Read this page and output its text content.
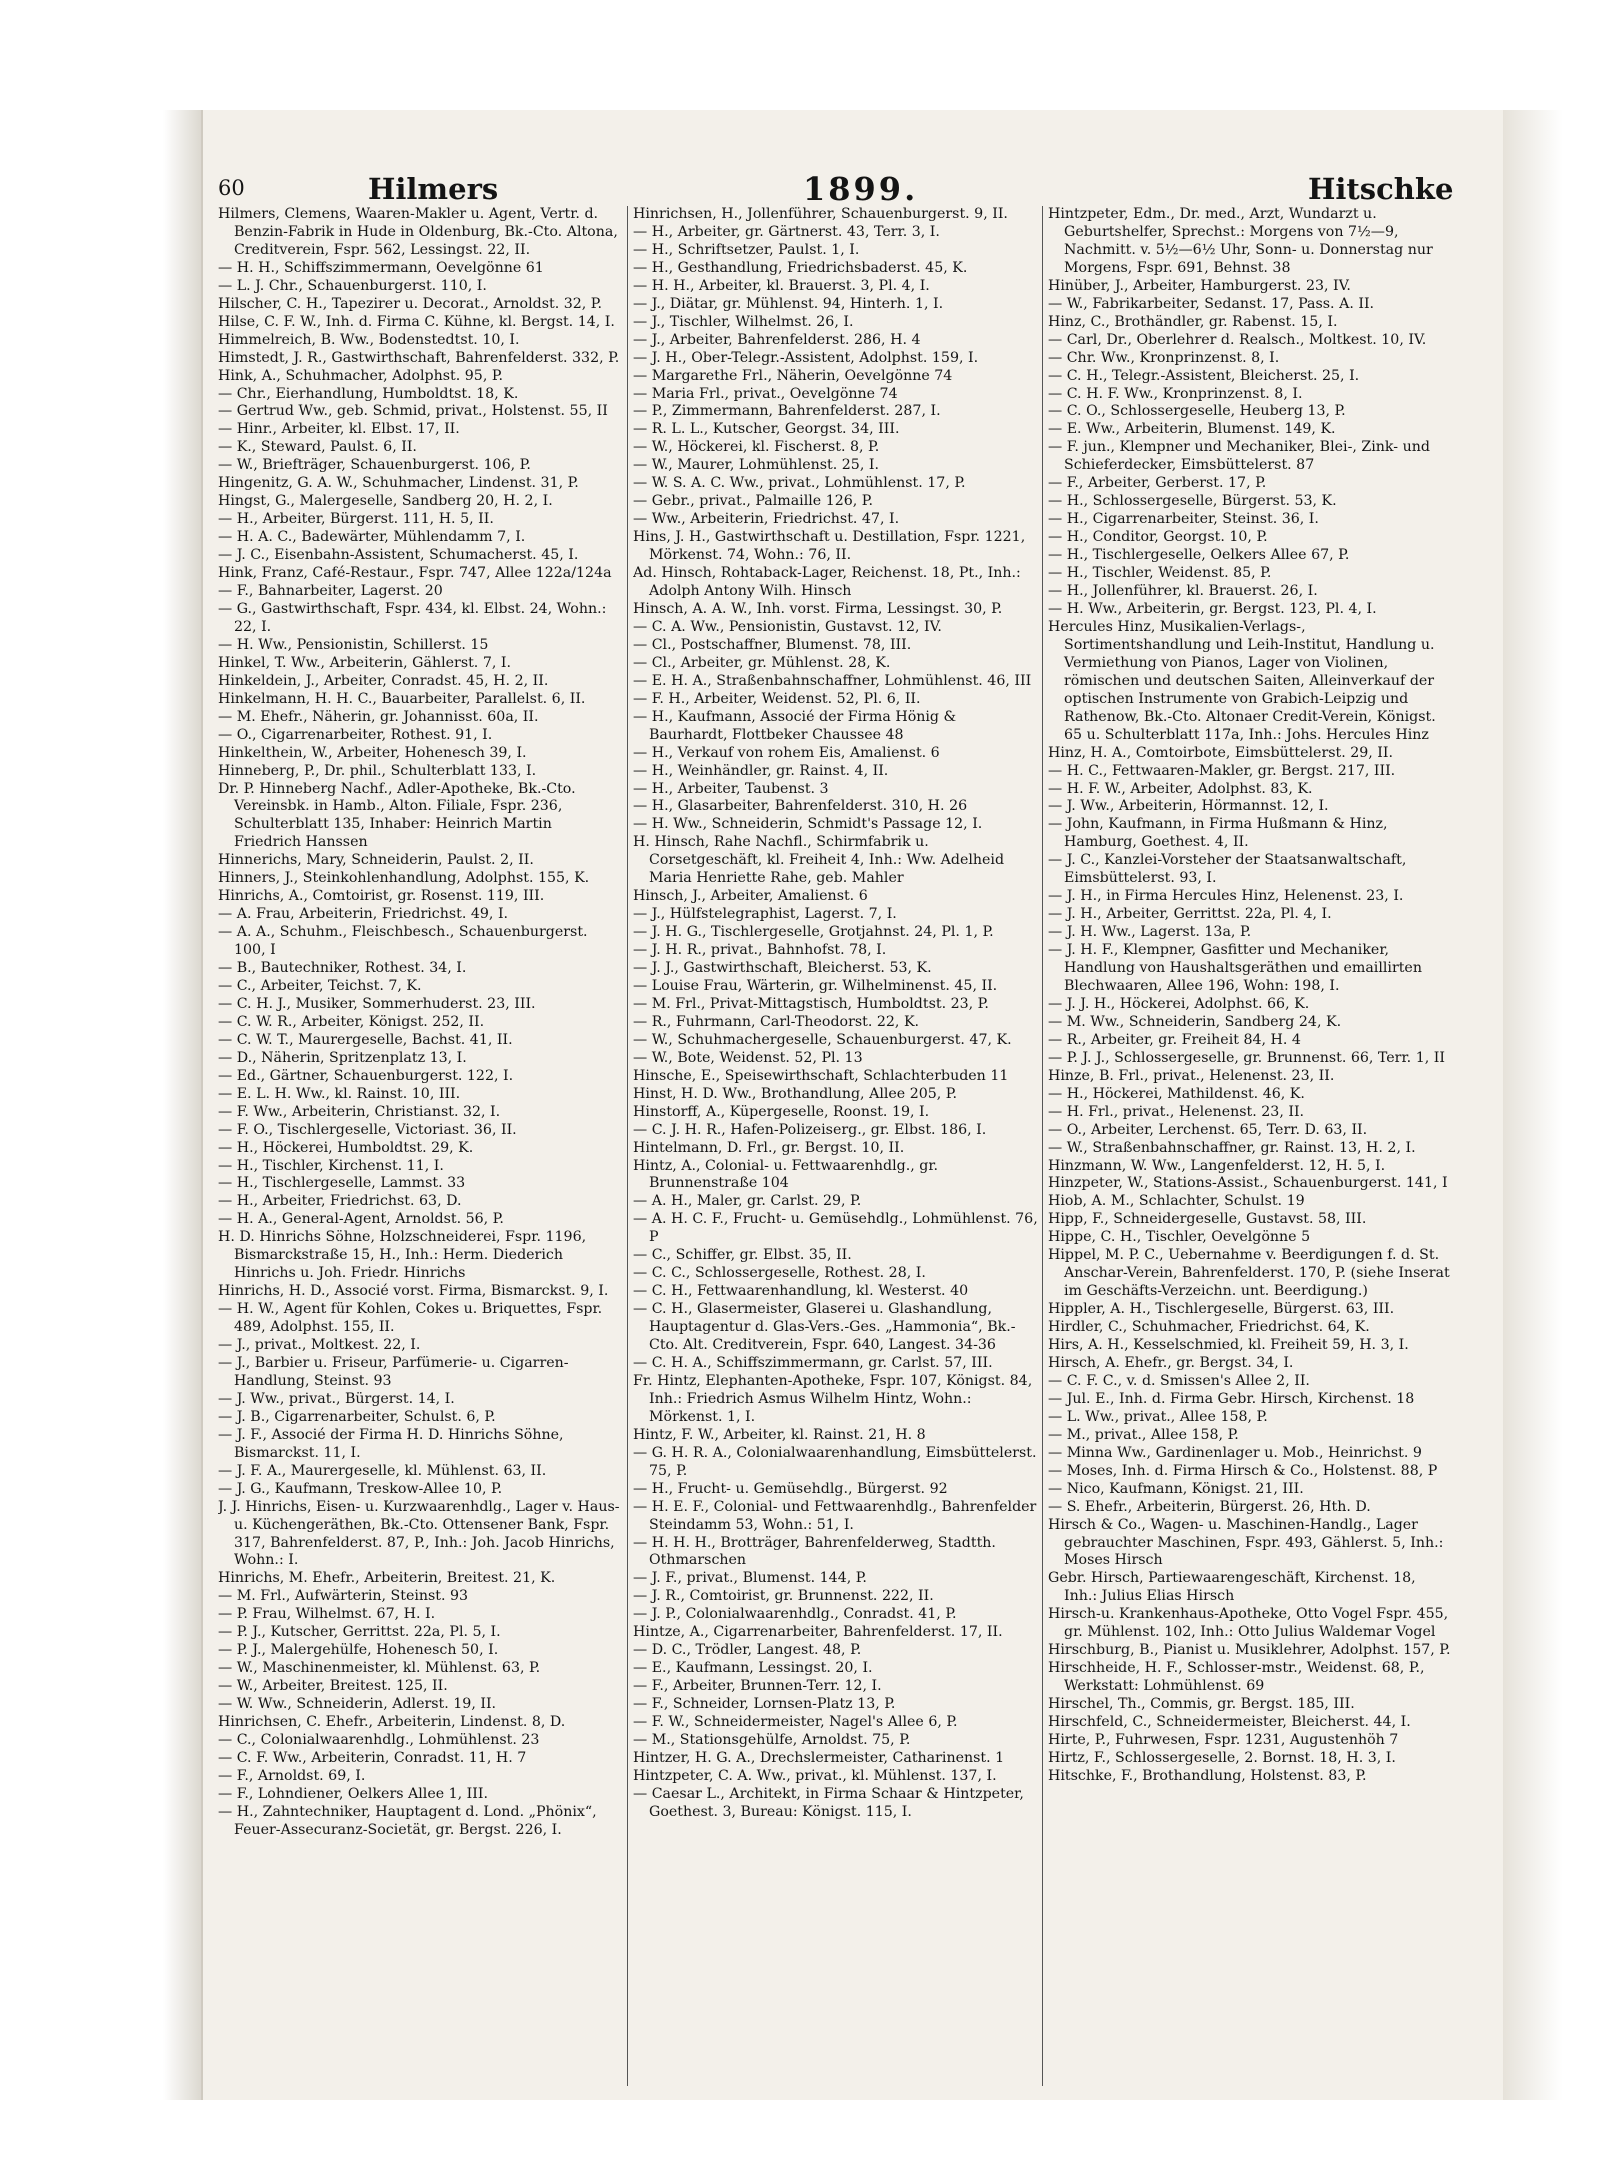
60	Hilmers	1899.	Hitschke

Hilmers, Clemens, Waaren-Makler u. Agent, Vertr. d. Benzin-Fabrik in Hude in Oldenburg, Bk.-Cto. Altona, Creditverein, Fspr. 562, Lessingst. 22, II.

— H. H., Schiffszimmermann, Oevelgönne 61

— L. J. Chr., Schauenburgerst. 110, I.

Hilscher, C. H., Tapezirer u. Decorat., Arnoldst. 32, P.

Hilse, C. F. W., Inh. d. Firma C. Kühne, kl. Bergst. 14, I.

Himmelreich, B. Ww., Bodenstedtst. 10, I.

Himstedt, J. R., Gastwirthschaft, Bahrenfelderst. 332, P.

Hink, A., Schuhmacher, Adolphst. 95, P.

— Chr., Eierhandlung, Humboldtst. 18, K.

— Gertrud Ww., geb. Schmid, privat., Holstenst. 55, II

— Hinr., Arbeiter, kl. Elbst. 17, II.

— K., Steward, Paulst. 6, II.

— W., Briefträger, Schauenburgerst. 106, P.

Hingenitz, G. A. W., Schuhmacher, Lindenst. 31, P.

Hingst, G., Malergeselle, Sandberg 20, H. 2, I.

— H., Arbeiter, Bürgerst. 111, H. 5, II.

— H. A. C., Badewärter, Mühlendamm 7, I.

— J. C., Eisenbahn-Assistent, Schumacherst. 45, I.

Hink, Franz, Café-Restaur., Fspr. 747, Allee 122a/124a

— F., Bahnarbeiter, Lagerst. 20

— G., Gastwirthschaft, Fspr. 434, kl. Elbst. 24, Wohn.: 22, I.

— H. Ww., Pensionistin, Schillerst. 15

Hinkel, T. Ww., Arbeiterin, Gählerst. 7, I.

Hinkeldein, J., Arbeiter, Conradst. 45, H. 2, II.

Hinkelmann, H. H. C., Bauarbeiter, Parallelst. 6, II.

— M. Ehefr., Näherin, gr. Johannisst. 60a, II.

— O., Cigarrenarbeiter, Rothest. 91, I.

Hinkelthein, W., Arbeiter, Hohenesch 39, I.

Hinneberg, P., Dr. phil., Schulterblatt 133, I.

Dr. P. Hinneberg Nachf., Adler-Apotheke, Bk.-Cto. Vereinsbk. in Hamb., Alton. Filiale, Fspr. 236, Schulterblatt 135, Inhaber: Heinrich Martin Friedrich Hanssen

Hinnerichs, Mary, Schneiderin, Paulst. 2, II.

Hinners, J., Steinkohlenhandlung, Adolphst. 155, K.

Hinrichs, A., Comtoirist, gr. Rosenst. 119, III.

— A. Frau, Arbeiterin, Friedrichst. 49, I.

— A. A., Schuhm., Fleischbesch., Schauenburgerst. 100, I

— B., Bautechniker, Rothest. 34, I.

— C., Arbeiter, Teichst. 7, K.

— C. H. J., Musiker, Sommerhuderst. 23, III.

— C. W. R., Arbeiter, Königst. 252, II.

— C. W. T., Maurergeselle, Bachst. 41, II.

— D., Näherin, Spritzenplatz 13, I.

— Ed., Gärtner, Schauenburgerst. 122, I.

— E. L. H. Ww., kl. Rainst. 10, III.

— F. Ww., Arbeiterin, Christianst. 32, I.

— F. O., Tischlergeselle, Victoriast. 36, II.

— H., Höckerei, Humboldtst. 29, K.

— H., Tischler, Kirchenst. 11, I.

— H., Tischlergeselle, Lammst. 33

— H., Arbeiter, Friedrichst. 63, D.

— H. A., General-Agent, Arnoldst. 56, P.

H. D. Hinrichs Söhne, Holzschneiderei, Fspr. 1196, Bismarckstraße 15, H., Inh.: Herm. Diederich Hinrichs u. Joh. Friedr. Hinrichs

Hinrichs, H. D., Associé vorst. Firma, Bismarckst. 9, I.

— H. W., Agent für Kohlen, Cokes u. Briquettes, Fspr. 489, Adolphst. 155, II.

— J., privat., Moltkest. 22, I.

— J., Barbier u. Friseur, Parfümerie- u. Cigarren-Handlung, Steinst. 93

— J. Ww., privat., Bürgerst. 14, I.

— J. B., Cigarrenarbeiter, Schulst. 6, P.

— J. F., Associé der Firma H. D. Hinrichs Söhne, Bismarckst. 11, I.

— J. F. A., Maurergeselle, kl. Mühlenst. 63, II.

— J. G., Kaufmann, Treskow-Allee 10, P.

J. J. Hinrichs, Eisen- u. Kurzwaarenhdlg., Lager v. Haus- u. Küchengeräthen, Bk.-Cto. Ottensener Bank, Fspr. 317, Bahrenfelderst. 87, P., Inh.: Joh. Jacob Hinrichs, Wohn.: I.

Hinrichs, M. Ehefr., Arbeiterin, Breitest. 21, K.

— M. Frl., Aufwärterin, Steinst. 93

— P. Frau, Wilhelmst. 67, H. I.

— P. J., Kutscher, Gerrittst. 22a, Pl. 5, I.

— P. J., Malergehülfe, Hohenesch 50, I.

— W., Maschinenmeister, kl. Mühlenst. 63, P.

— W., Arbeiter, Breitest. 125, II.

— W. Ww., Schneiderin, Adlerst. 19, II.

Hinrichsen, C. Ehefr., Arbeiterin, Lindenst. 8, D.

— C., Colonialwaarenhdlg., Lohmühlenst. 23

— C. F. Ww., Arbeiterin, Conradst. 11, H. 7

— F., Arnoldst. 69, I.

— F., Lohndiener, Oelkers Allee 1, III.

— H., Zahntechniker, Hauptagent d. Lond. „Phönix“, Feuer-Assecuranz-Societät, gr. Bergst. 226, I.

Hinrichsen, H., Jollenführer, Schauenburgerst. 9, II.

— H., Arbeiter, gr. Gärtnerst. 43, Terr. 3, I.

— H., Schriftsetzer, Paulst. 1, I.

— H., Gesthandlung, Friedrichsbaderst. 45, K.

— H. H., Arbeiter, kl. Brauerst. 3, Pl. 4, I.

— J., Diätar, gr. Mühlenst. 94, Hinterh. 1, I.

— J., Tischler, Wilhelmst. 26, I.

— J., Arbeiter, Bahrenfelderst. 286, H. 4

— J. H., Ober-Telegr.-Assistent, Adolphst. 159, I.

— Margarethe Frl., Näherin, Oevelgönne 74

— Maria Frl., privat., Oevelgönne 74

— P., Zimmermann, Bahrenfelderst. 287, I.

— R. L. L., Kutscher, Georgst. 34, III.

— W., Höckerei, kl. Fischerst. 8, P.

— W., Maurer, Lohmühlenst. 25, I.

— W. S. A. C. Ww., privat., Lohmühlenst. 17, P.

— Gebr., privat., Palmaille 126, P.

— Ww., Arbeiterin, Friedrichst. 47, I.

Hins, J. H., Gastwirthschaft u. Destillation, Fspr. 1221, Mörkenst. 74, Wohn.: 76, II.

Ad. Hinsch, Rohtaback-Lager, Reichenst. 18, Pt., Inh.: Adolph Antony Wilh. Hinsch

Hinsch, A. A. W., Inh. vorst. Firma, Lessingst. 30, P.

— C. A. Ww., Pensionistin, Gustavst. 12, IV.

— Cl., Postschaffner, Blumenst. 78, III.

— Cl., Arbeiter, gr. Mühlenst. 28, K.

— E. H. A., Straßenbahnschaffner, Lohmühlenst. 46, III

— F. H., Arbeiter, Weidenst. 52, Pl. 6, II.

— H., Kaufmann, Associé der Firma Hönig & Baurhardt, Flottbeker Chaussee 48

— H., Verkauf von rohem Eis, Amalienst. 6

— H., Weinhändler, gr. Rainst. 4, II.

— H., Arbeiter, Taubenst. 3

— H., Glasarbeiter, Bahrenfelderst. 310, H. 26

— H. Ww., Schneiderin, Schmidt's Passage 12, I.

H. Hinsch, Rahe Nachfl., Schirmfabrik u. Corsetgeschäft, kl. Freiheit 4, Inh.: Ww. Adelheid Maria Henriette Rahe, geb. Mahler

Hinsch, J., Arbeiter, Amalienst. 6

— J., Hülfstelegraphist, Lagerst. 7, I.

— J. H. G., Tischlergeselle, Grotjahnst. 24, Pl. 1, P.

— J. H. R., privat., Bahnhofst. 78, I.

— J. J., Gastwirthschaft, Bleicherst. 53, K.

— Louise Frau, Wärterin, gr. Wilhelminenst. 45, II.

— M. Frl., Privat-Mittagstisch, Humboldtst. 23, P.

— R., Fuhrmann, Carl-Theodorst. 22, K.

— W., Schuhmachergeselle, Schauenburgerst. 47, K.

— W., Bote, Weidenst. 52, Pl. 13

Hinsche, E., Speisewirthschaft, Schlachterbuden 11

Hinst, H. D. Ww., Brothandlung, Allee 205, P.

Hinstorff, A., Küpergeselle, Roonst. 19, I.

— C. J. H. R., Hafen-Polizeiserg., gr. Elbst. 186, I.

Hintelmann, D. Frl., gr. Bergst. 10, II.

Hintz, A., Colonial- u. Fettwaarenhdlg., gr. Brunnenstraße 104

— A. H., Maler, gr. Carlst. 29, P.

— A. H. C. F., Frucht- u. Gemüsehdlg., Lohmühlenst. 76, P

— C., Schiffer, gr. Elbst. 35, II.

— C. C., Schlossergeselle, Rothest. 28, I.

— C. H., Fettwaarenhandlung, kl. Westerst. 40

— C. H., Glasermeister, Glaserei u. Glashandlung, Hauptagentur d. Glas-Vers.-Ges. „Hammonia“, Bk.-Cto. Alt. Creditverein, Fspr. 640, Langest. 34-36

— C. H. A., Schiffszimmermann, gr. Carlst. 57, III.

Fr. Hintz, Elephanten-Apotheke, Fspr. 107, Königst. 84, Inh.: Friedrich Asmus Wilhelm Hintz, Wohn.: Mörkenst. 1, I.

Hintz, F. W., Arbeiter, kl. Rainst. 21, H. 8

— G. H. R. A., Colonialwaarenhandlung, Eimsbüttelerst. 75, P.

— H., Frucht- u. Gemüsehdlg., Bürgerst. 92

— H. E. F., Colonial- und Fettwaarenhdlg., Bahrenfelder Steindamm 53, Wohn.: 51, I.

— H. H. H., Brotträger, Bahrenfelderweg, Stadtth. Othmarschen

— J. F., privat., Blumenst. 144, P.

— J. R., Comtoirist, gr. Brunnenst. 222, II.

— J. P., Colonialwaarenhdlg., Conradst. 41, P.

Hintze, A., Cigarrenarbeiter, Bahrenfelderst. 17, II.

— D. C., Trödler, Langest. 48, P.

— E., Kaufmann, Lessingst. 20, I.

— F., Arbeiter, Brunnen-Terr. 12, I.

— F., Schneider, Lornsen-Platz 13, P.

— F. W., Schneidermeister, Nagel's Allee 6, P.

— M., Stationsgehülfe, Arnoldst. 75, P.

Hintzer, H. G. A., Drechslermeister, Catharinenst. 1

Hintzpeter, C. A. Ww., privat., kl. Mühlenst. 137, I.

— Caesar L., Architekt, in Firma Schaar & Hintzpeter, Goethest. 3, Bureau: Königst. 115, I.

Hintzpeter, Edm., Dr. med., Arzt, Wundarzt u. Geburtshelfer, Sprechst.: Morgens von 7½—9, Nachmitt. v. 5½—6½ Uhr, Sonn- u. Donnerstag nur Morgens, Fspr. 691, Behnst. 38

Hinüber, J., Arbeiter, Hamburgerst. 23, IV.

— W., Fabrikarbeiter, Sedanst. 17, Pass. A. II.

Hinz, C., Brothändler, gr. Rabenst. 15, I.

— Carl, Dr., Oberlehrer d. Realsch., Moltkest. 10, IV.

— Chr. Ww., Kronprinzenst. 8, I.

— C. H., Telegr.-Assistent, Bleicherst. 25, I.

— C. H. F. Ww., Kronprinzenst. 8, I.

— C. O., Schlossergeselle, Heuberg 13, P.

— E. Ww., Arbeiterin, Blumenst. 149, K.

— F. jun., Klempner und Mechaniker, Blei-, Zink- und Schieferdecker, Eimsbüttelerst. 87

— F., Arbeiter, Gerberst. 17, P.

— H., Schlossergeselle, Bürgerst. 53, K.

— H., Cigarrenarbeiter, Steinst. 36, I.

— H., Conditor, Georgst. 10, P.

— H., Tischlergeselle, Oelkers Allee 67, P.

— H., Tischler, Weidenst. 85, P.

— H., Jollenführer, kl. Brauerst. 26, I.

— H. Ww., Arbeiterin, gr. Bergst. 123, Pl. 4, I.

Hercules Hinz, Musikalien-Verlags-, Sortimentshandlung und Leih-Institut, Handlung u. Vermiethung von Pianos, Lager von Violinen, römischen und deutschen Saiten, Alleinverkauf der optischen Instrumente von Grabich-Leipzig und Rathenow, Bk.-Cto. Altonaer Credit-Verein, Königst. 65 u. Schulterblatt 117a, Inh.: Johs. Hercules Hinz

Hinz, H. A., Comtoirbote, Eimsbüttelerst. 29, II.

— H. C., Fettwaaren-Makler, gr. Bergst. 217, III.

— H. F. W., Arbeiter, Adolphst. 83, K.

— J. Ww., Arbeiterin, Hörmannst. 12, I.

— John, Kaufmann, in Firma Hußmann & Hinz, Hamburg, Goethest. 4, II.

— J. C., Kanzlei-Vorsteher der Staatsanwaltschaft, Eimsbüttelerst. 93, I.

— J. H., in Firma Hercules Hinz, Helenenst. 23, I.

— J. H., Arbeiter, Gerrittst. 22a, Pl. 4, I.

— J. H. Ww., Lagerst. 13a, P.

— J. H. F., Klempner, Gasfitter und Mechaniker, Handlung von Haushaltsgeräthen und emaillirten Blechwaaren, Allee 196, Wohn: 198, I.

— J. J. H., Höckerei, Adolphst. 66, K.

— M. Ww., Schneiderin, Sandberg 24, K.

— R., Arbeiter, gr. Freiheit 84, H. 4

— P. J. J., Schlossergeselle, gr. Brunnenst. 66, Terr. 1, II

Hinze, B. Frl., privat., Helenenst. 23, II.

— H., Höckerei, Mathildenst. 46, K.

— H. Frl., privat., Helenenst. 23, II.

— O., Arbeiter, Lerchenst. 65, Terr. D. 63, II.

— W., Straßenbahnschaffner, gr. Rainst. 13, H. 2, I.

Hinzmann, W. Ww., Langenfelderst. 12, H. 5, I.

Hinzpeter, W., Stations-Assist., Schauenburgerst. 141, I

Hiob, A. M., Schlachter, Schulst. 19

Hipp, F., Schneidergeselle, Gustavst. 58, III.

Hippe, C. H., Tischler, Oevelgönne 5

Hippel, M. P. C., Uebernahme v. Beerdigungen f. d. St. Anschar-Verein, Bahrenfelderst. 170, P. (siehe Inserat im Geschäfts-Verzeichn. unt. Beerdigung.)

Hippler, A. H., Tischlergeselle, Bürgerst. 63, III.

Hirdler, C., Schuhmacher, Friedrichst. 64, K.

Hirs, A. H., Kesselschmied, kl. Freiheit 59, H. 3, I.

Hirsch, A. Ehefr., gr. Bergst. 34, I.

— C. F. C., v. d. Smissen's Allee 2, II.

— Jul. E., Inh. d. Firma Gebr. Hirsch, Kirchenst. 18

— L. Ww., privat., Allee 158, P.

— M., privat., Allee 158, P.

— Minna Ww., Gardinenlager u. Mob., Heinrichst. 9

— Moses, Inh. d. Firma Hirsch & Co., Holstenst. 88, P

— Nico, Kaufmann, Königst. 21, III.

— S. Ehefr., Arbeiterin, Bürgerst. 26, Hth. D.

Hirsch & Co., Wagen- u. Maschinen-Handlg., Lager gebrauchter Maschinen, Fspr. 493, Gählerst. 5, Inh.: Moses Hirsch

Gebr. Hirsch, Partiewaarengeschäft, Kirchenst. 18, Inh.: Julius Elias Hirsch

Hirsch-u. Krankenhaus-Apotheke, Otto Vogel Fspr. 455, gr. Mühlenst. 102, Inh.: Otto Julius Waldemar Vogel

Hirschburg, B., Pianist u. Musiklehrer, Adolphst. 157, P.

Hirschheide, H. F., Schlosser-mstr., Weidenst. 68, P., Werkstatt: Lohmühlenst. 69

Hirschel, Th., Commis, gr. Bergst. 185, III.

Hirschfeld, C., Schneidermeister, Bleicherst. 44, I.

Hirte, P., Fuhrwesen, Fspr. 1231, Augustenhöh 7

Hirtz, F., Schlossergeselle, 2. Bornst. 18, H. 3, I.

Hitschke, F., Brothandlung, Holstenst. 83, P.
